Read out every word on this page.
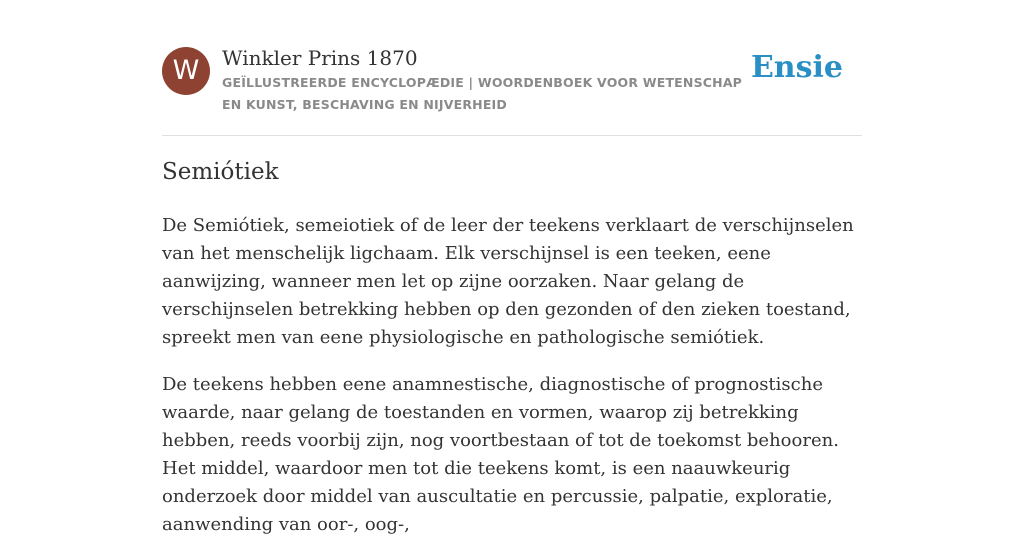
W	Winkler Prins 1870
GEÏLLUSTREERDE ENCYCLOPÆDIE | WOORDENBOEK VOOR WETENSCHAP EN KUNST, BESCHAVING EN NIJVERHEID
Ensie
Semiótiek

De Semiótiek, semeiotiek of de leer der teekens verklaart de verschijnselen van het menschelijk ligchaam. Elk verschijnsel is een teeken, eene aanwijzing, wanneer men let op zijne oorzaken. Naar gelang de verschijnselen betrekking hebben op den gezonden of den zieken toestand, spreekt men van eene physiologische en pathologische semiótiek.

De teekens hebben eene anamnestische, diagnostische of prognostische waarde, naar gelang de toestanden en vormen, waarop zij betrekking hebben, reeds voorbij zijn, nog voortbestaan of tot de toekomst behooren. Het middel, waardoor men tot die teekens komt, is een naauwkeurig onderzoek door middel van auscultatie en percussie, palpatie, exploratie, aanwending van oor-, oog-,
